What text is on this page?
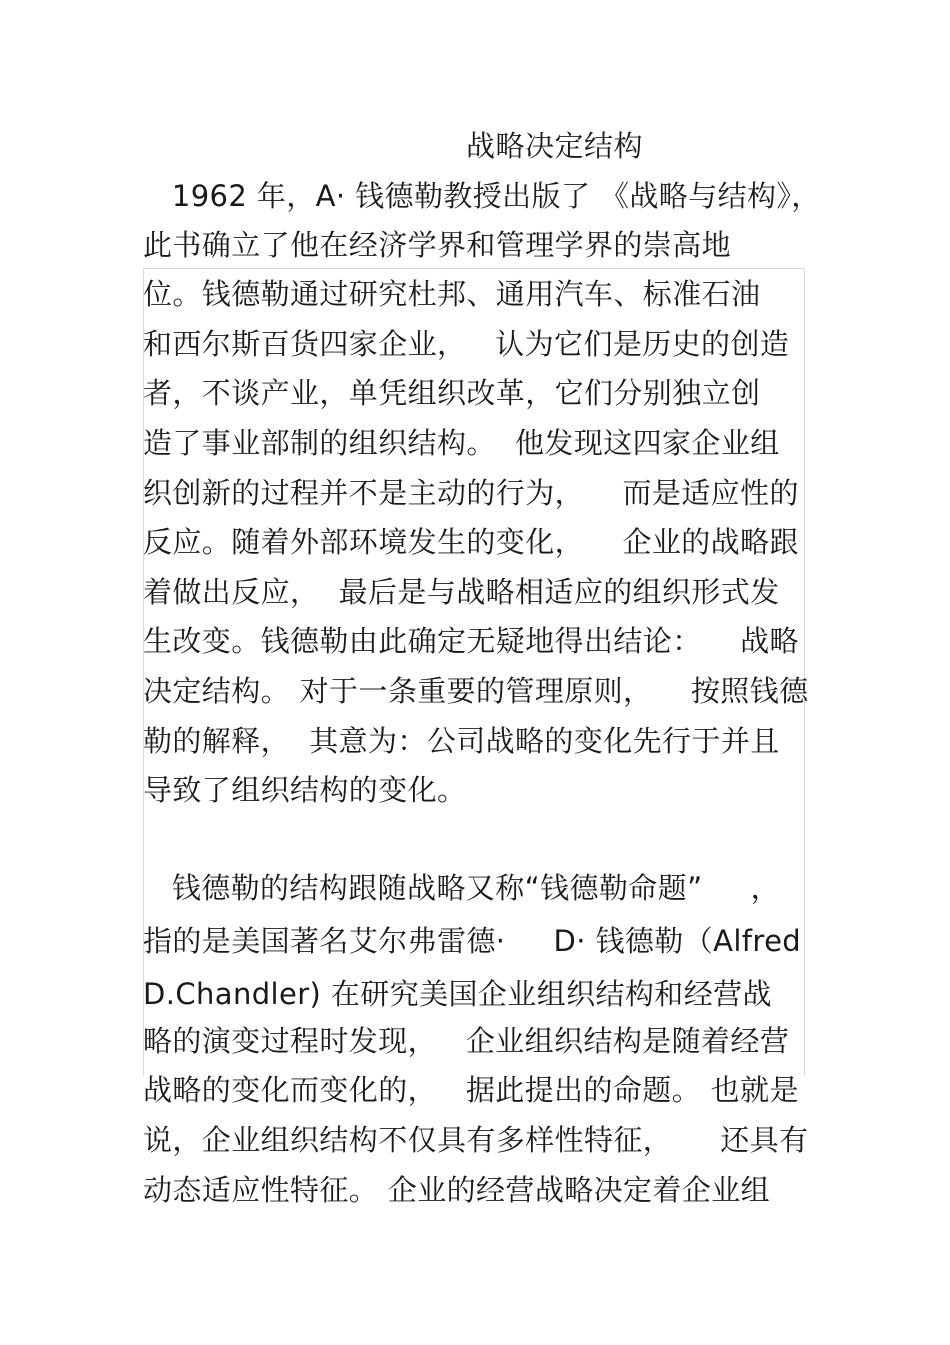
战略决定结构
1962 年，A· 钱德勒教授出版了 《战略与结构》，
此书确立了他在经济学界和管理学界的崇高地
位。钱德勒通过研究杜邦、通用汽车、标准石油
和西尔斯百货四家企业，   认为它们是历史的创造
者，不谈产业，单凭组织改革，它们分别独立创
造了事业部制的组织结构。  他发现这四家企业组
织创新的过程并不是主动的行为，    而是适应性的
反应。随着外部环境发生的变化，    企业的战略跟
着做出反应，  最后是与战略相适应的组织形式发
生改变。钱德勒由此确定无疑地得出结论：    战略
决定结构。 对于一条重要的管理原则，    按照钱德
勒的解释，  其意为：公司战略的变化先行于并且
导致了组织结构的变化。
钱德勒的结构跟随战略又称“钱德勒命题”     ，
指的是美国著名艾尔弗雷德·     D· 钱德勒（Alfred
D.Chandler) 在研究美国企业组织结构和经营战
略的演变过程时发现，   企业组织结构是随着经营
战略的变化而变化的，   据此提出的命题。 也就是
说，企业组织结构不仅具有多样性特征，     还具有
动态适应性特征。 企业的经营战略决定着企业组
